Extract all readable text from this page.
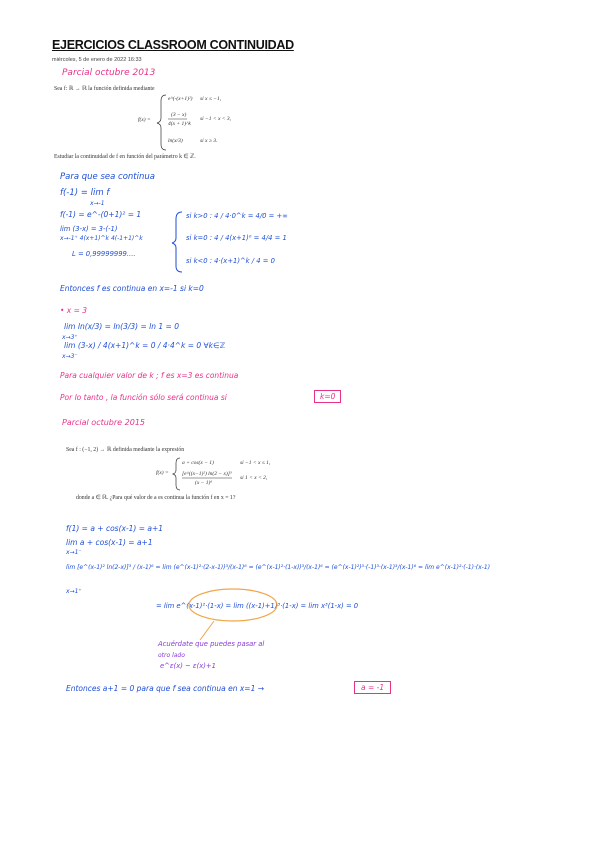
EJERCICIOS CLASSROOM CONTINUIDAD
miércoles, 5 de enero de 2022 16:33
Parcial octubre 2013
Sea f: ℝ → ℝ la función definida mediante
f(x) =
e^(-(x+1)²) si x ≤ −1,
(3 − x)
4(x + 1)^k
si −1 < x < 3,
ln(x/3)	si x ≥ 3.
Estudiar la continuidad de f en función del parámetro k ∈ ℤ.
Para que sea continua
f(-1) = lim f
x→-1
f(-1) = e^-(0+1)² = 1
lim (3-x) = 3-(-1)
x→-1⁺ 4(x+1)^k 4(-1+1)^k
L = 0,99999999....
si k>0 : 4 / 4·0^k = 4/0 = +∞
si k=0 : 4 / 4(x+1)⁰ = 4/4 = 1
si k<0 : 4·(x+1)^k / 4 = 0
Entonces f es continua en x=-1 si k=0
• x = 3
lim ln(x/3) = ln(3/3) = ln 1 = 0
x→3⁺
lim (3-x) / 4(x+1)^k = 0 / 4·4^k = 0 ∀k∈ℤ
x→3⁻
Para cualquier valor de k ; f es x=3 es continua
Por lo tanto , la función sólo será continua si	k=0
Parcial octubre 2015
Sea f : (−1, 2) → ℝ definida mediante la expresión
f(x) =
a + cos(x − 1)	si −1 < x ≤ 1,
[e^((x−1)²) ln(2 − x)]³
(x − 1)⁶
si 1 < x < 2,
donde a ∈ ℝ. ¿Para qué valor de a es continua la función f en x = 1?
f(1) = a + cos(x-1) = a+1
lim a + cos(x-1) = a+1
x→1⁻
lim [e^(x-1)² ln(2-x)]³ / (x-1)⁶ = lim (e^(x-1)²·(2-x-1))³/(x-1)⁶ = (e^(x-1)²·(1-x))³/(x-1)⁶ = (e^(x-1)²)³·(-1)³·(x-1)³/(x-1)⁶ = lim e^(x-1)²·(-1)·(x-1)
x→1⁺
= lim e^(x-1)²·(1-x) = lim ((x-1)+1)³·(1-x) = lim x³(1-x) = 0
Acuérdate que puedes pasar al
otro lado
e^ε(x) ~ ε(x)+1
Entonces a+1 = 0 para que f sea continua en x=1 →	a = -1
